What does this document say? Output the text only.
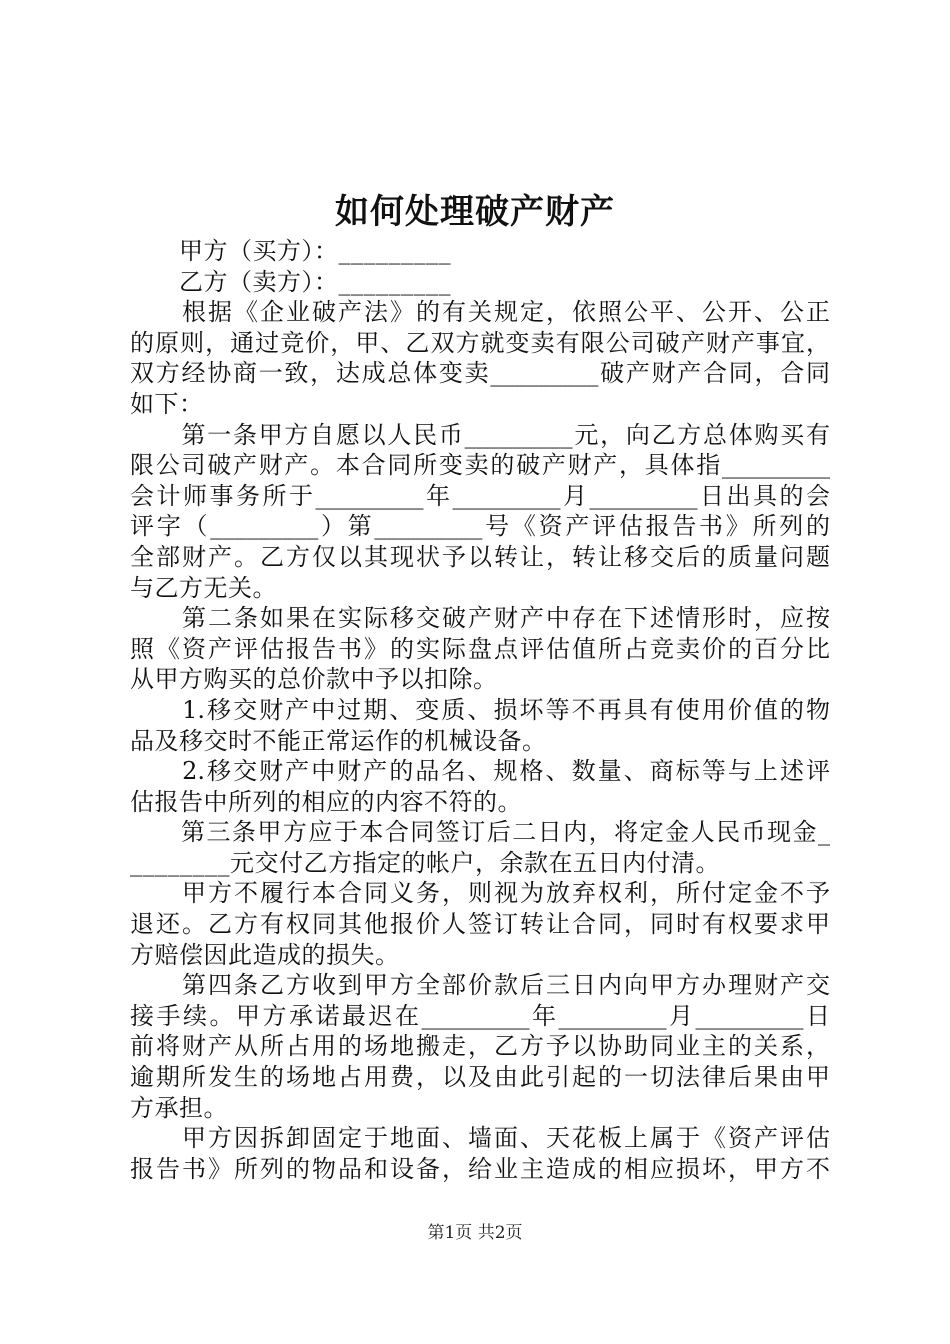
如何处理破产财产
　　甲方（买方）：_________
　　乙方（卖方）：_________
　　根据《企业破产法》的有关规定，依照公平、公开、公正
的原则，通过竞价，甲、乙双方就变卖有限公司破产财产事宜，
双方经协商一致，达成总体变卖_________破产财产合同，合同
如下：
　　第一条甲方自愿以人民币_________元，向乙方总体购买有
限公司破产财产。本合同所变卖的破产财产，具体指_________
会计师事务所于_________年_________月_________日出具的会
评字（_________）第_________号《资产评估报告书》所列的
全部财产。乙方仅以其现状予以转让，转让移交后的质量问题
与乙方无关。
　　第二条如果在实际移交破产财产中存在下述情形时，应按
照《资产评估报告书》的实际盘点评估值所占竞卖价的百分比
从甲方购买的总价款中予以扣除。
　　1.移交财产中过期、变质、损坏等不再具有使用价值的物
品及移交时不能正常运作的机械设备。
　　2.移交财产中财产的品名、规格、数量、商标等与上述评
估报告中所列的相应的内容不符的。
　　第三条甲方应于本合同签订后二日内，将定金人民币现金_
________元交付乙方指定的帐户，余款在五日内付清。
　　甲方不履行本合同义务，则视为放弃权利，所付定金不予
退还。乙方有权同其他报价人签订转让合同，同时有权要求甲
方赔偿因此造成的损失。
　　第四条乙方收到甲方全部价款后三日内向甲方办理财产交
接手续。甲方承诺最迟在_________年_________月_________日
前将财产从所占用的场地搬走，乙方予以协助同业主的关系，
逾期所发生的场地占用费，以及由此引起的一切法律后果由甲
方承担。
　　甲方因拆卸固定于地面、墙面、天花板上属于《资产评估
报告书》所列的物品和设备，给业主造成的相应损坏，甲方不
第1页 共2页
